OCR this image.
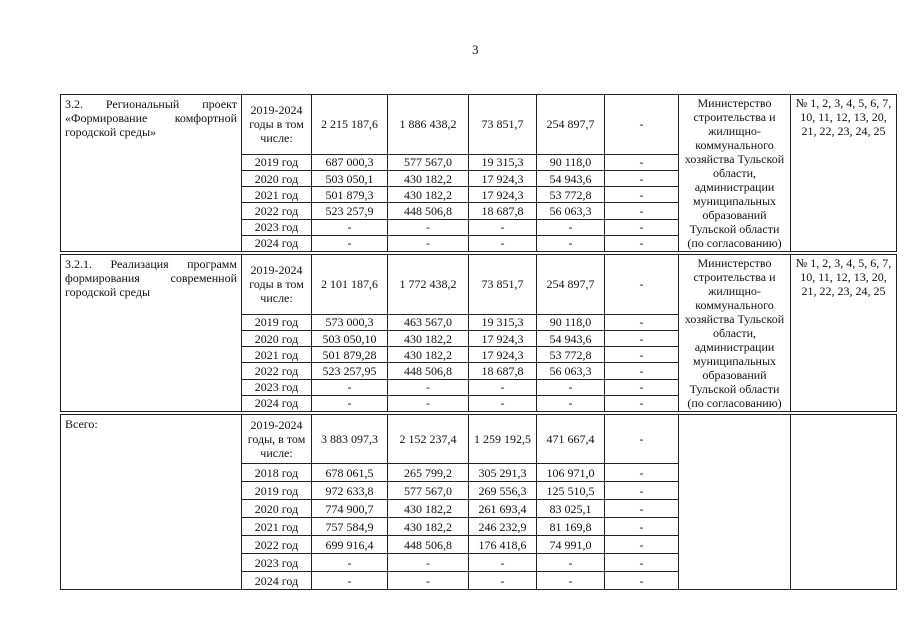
3
3.2. Региональный проект «Формирование комфортной городской среды»	2019-2024 годы в том числе:	2 215 187,6	1 886 438,2	73 851,7	254 897,7	-	Министерство строительства и жилищно-коммунального хозяйства Тульской области, администрации муниципальных образований Тульской области (по согласованию)	№ 1, 2, 3, 4, 5, 6, 7, 10, 11, 12, 13, 20, 21, 22, 23, 24, 25
	2019 год	687 000,3	577 567,0	19 315,3	90 118,0	-		
	2020 год	503 050,1	430 182,2	17 924,3	54 943,6	-		
	2021 год	501 879,3	430 182,2	17 924,3	53 772,8	-		
	2022 год	523 257,9	448 506,8	18 687,8	56 063,3	-		
	2023 год	-	-	-	-	-		
	2024 год	-	-	-	-	-		

3.2.1. Реализация программ формирования современной городской среды	2019-2024 годы в том числе:	2 101 187,6	1 772 438,2	73 851,7	254 897,7	-	Министерство строительства и жилищно-коммунального хозяйства Тульской области, администрации муниципальных образований Тульской области (по согласованию)	№ 1, 2, 3, 4, 5, 6, 7, 10, 11, 12, 13, 20, 21, 22, 23, 24, 25
	2019 год	573 000,3	463 567,0	19 315,3	90 118,0	-		
	2020 год	503 050,10	430 182,2	17 924,3	54 943,6	-		
	2021 год	501 879,28	430 182,2	17 924,3	53 772,8	-		
	2022 год	523 257,95	448 506,8	18 687,8	56 063,3	-		
	2023 год	-	-	-	-	-		
	2024 год	-	-	-	-	-		

Всего:	2019-2024 годы, в том числе:	3 883 097,3	2 152 237,4	1 259 192,5	471 667,4	-		
	2018 год	678 061,5	265 799,2	305 291,3	106 971,0	-		
	2019 год	972 633,8	577 567,0	269 556,3	125 510,5	-		
	2020 год	774 900,7	430 182,2	261 693,4	83 025,1	-		
	2021 год	757 584,9	430 182,2	246 232,9	81 169,8	-		
	2022 год	699 916,4	448 506,8	176 418,6	74 991,0	-		
	2023 год	-	-	-	-	-		
	2024 год	-	-	-	-	-		
